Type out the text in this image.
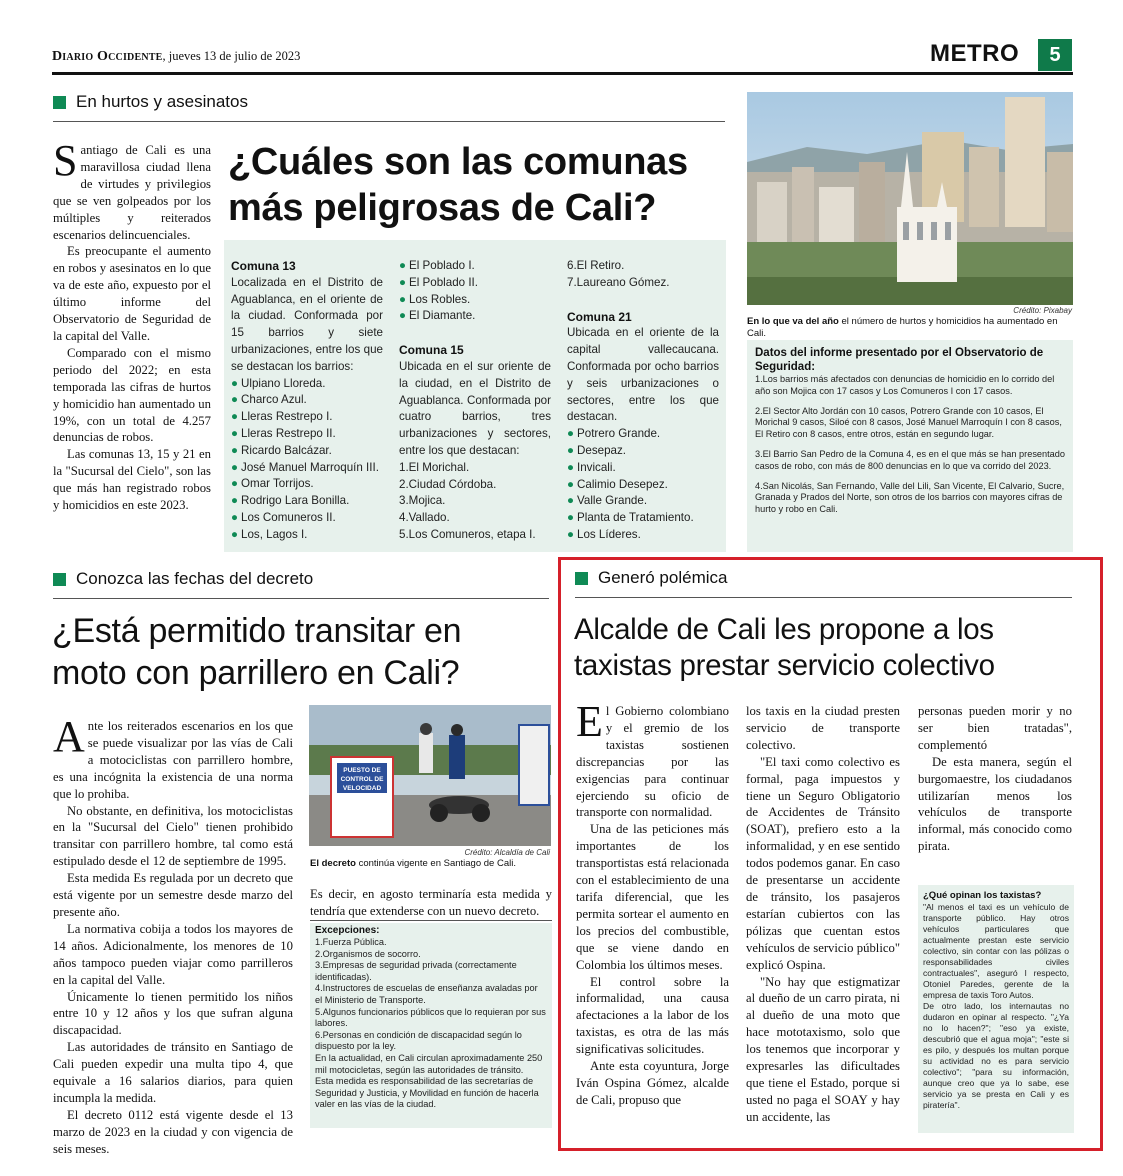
Diario Occidente, jueves 13 de julio de 2023	METRO	5
En hurtos y asesinatos
¿Cuáles son las comunas
más peligrosas de Cali?

Santiago de Cali es una maravillosa ciudad llena de virtudes y privilegios que se ven golpeados por los múltiples y reiterados escenarios delincuenciales.

Es preocupante el aumento en robos y asesinatos en lo que va de este año, expuesto por el último informe del Observatorio de Seguridad de la capital del Valle.

Comparado con el mismo periodo del 2022; en esta temporada las cifras de hurtos y homicidio han aumentado un 19%, con un total de 4.257 denuncias de robos.

Las comunas 13, 15 y 21 en la "Sucursal del Cielo", son las que más han registrado robos y homicidios en este 2023.

Comuna 13
Localizada en el Distrito de Aguablanca, en el oriente de la ciudad. Conformada por 15 barrios y siete urbanizaciones, entre los que se destacan los barrios:
● Ulpiano Lloreda.
● Charco Azul.
● Lleras Restrepo I.
● Lleras Restrepo II.
● Ricardo Balcázar.
● José Manuel Marroquín III.
● Omar Torrijos.
● Rodrigo Lara Bonilla.
● Los Comuneros II.
● Los, Lagos I.
● El Poblado I.
● El Poblado II.
● Los Robles.
● El Diamante.
Comuna 15
Ubicada en el sur oriente de la ciudad, en el Distrito de Aguablanca. Conformada por cuatro barrios, tres urbanizaciones y sectores, entre los que destacan:
1.El Morichal.
2.Ciudad Córdoba.
3.Mojica.
4.Vallado.
5.Los Comuneros, etapa I.
6.El Retiro.
7.Laureano Gómez.
Comuna 21
Ubicada en el oriente de la capital vallecaucana. Conformada por ocho barrios y seis urbanizaciones o sectores, entre los que destacan.
● Potrero Grande.
● Desepaz.
● Invicali.
● Calimio Desepez.
● Valle Grande.
● Planta de Tratamiento.
● Los Líderes.
Crédito: Pixabay
En lo que va del año el número de hurtos y homicidios ha aumentado en Cali.
Datos del informe presentado por el Observatorio de Seguridad:

1.Los barrios más afectados con denuncias de homicidio en lo corrido del año son Mojica con 17 casos y Los Comuneros I con 17 casos.

2.El Sector Alto Jordán con 10 casos, Potrero Grande con 10 casos, El Morichal 9 casos, Siloé con 8 casos, José Manuel Marroquín I con 8 casos, El Retiro con 8 casos, entre otros, están en segundo lugar.

3.El Barrio San Pedro de la Comuna 4, es en el que más se han presentado casos de robo, con más de 800 denuncias en lo que va corrido del 2023.

4.San Nicolás, San Fernando, Valle del Lili, San Vicente, El Calvario, Sucre, Granada y Prados del Norte, son otros de los barrios con mayores cifras de hurto y robo en Cali.

Conozca las fechas del decreto
¿Está permitido transitar en
moto con parrillero en Cali?

Ante los reiterados escenarios en los que se puede visualizar por las vías de Cali a motociclistas con parrillero hombre, es una incógnita la existencia de una norma que lo prohiba.

No obstante, en definitiva, los motociclistas en la "Sucursal del Cielo" tienen prohibido transitar con parrillero hombre, tal como está estipulado desde el 12 de septiembre de 1995.

Esta medida Es regulada por un decreto que está vigente por un semestre desde marzo del presente año.

La normativa cobija a todos los mayores de 14 años. Adicionalmente, los menores de 10 años tampoco pueden viajar como parrilleros en la capital del Valle.

Únicamente lo tienen permitido los niños entre 10 y 12 años y los que sufran alguna discapacidad.

Las autoridades de tránsito en Santiago de Cali pueden expedir una multa tipo 4, que equivale a 16 salarios diarios, para quien incumpla la medida.

El decreto 0112 está vigente desde el 13 marzo de 2023 en la ciudad y con vigencia de seis meses.

PUESTO DE
CONTROL DE
VELOCIDAD
Crédito: Alcaldía de Cali
El decreto continúa vigente en Santiago de Cali.

Es decir, en agosto terminaría esta medida y tendría que extenderse con un nuevo decreto.

Excepciones:
1.Fuerza Pública.
2.Organismos de socorro.
3.Empresas de seguridad privada (correctamente identificadas).
4.Instructores de escuelas de enseñanza avaladas por el Ministerio de Transporte.
5.Algunos funcionarios públicos que lo requieran por sus labores.
6.Personas en condición de discapacidad según lo dispuesto por la ley.
En la actualidad, en Cali circulan aproximadamente 250 mil motocicletas, según las autoridades de tránsito.
Esta medida es responsabilidad de las secretarías de Seguridad y Justicia, y Movilidad en función de hacerla valer en las vías de la ciudad.
Generó polémica
Alcalde de Cali les propone a los
taxistas prestar servicio colectivo

El Gobierno colombiano y el gremio de los taxistas sostienen discrepancias por las exigencias para continuar ejerciendo su oficio de transporte con normalidad.

Una de las peticiones más importantes de los transportistas está relacionada con el establecimiento de una tarifa diferencial, que les permita sortear el aumento en los precios del combustible, que se viene dando en Colombia los últimos meses.

El control sobre la informalidad, una causa afectaciones a la labor de los taxistas, es otra de las más significativas solicitudes.

Ante esta coyuntura, Jorge Iván Ospina Gómez, alcalde de Cali, propuso que

los taxis en la ciudad presten servicio de transporte colectivo.

"El taxi como colectivo es formal, paga impuestos y tiene un Seguro Obligatorio de Accidentes de Tránsito (SOAT), prefiero esto a la informalidad, y en ese sentido todos podemos ganar. En caso de presentarse un accidente de tránsito, los pasajeros estarían cubiertos con las pólizas que cuentan estos vehículos de servicio público" explicó Ospina.

"No hay que estigmatizar al dueño de un carro pirata, ni al dueño de una moto que hace mototaxismo, solo que los tenemos que incorporar y expresarles las dificultades que tiene el Estado, porque si usted no paga el SOAY y hay un accidente, las

personas pueden morir y no ser bien tratadas", complementó

De esta manera, según el burgomaestre, los ciudadanos utilizarían menos los vehículos de transporte informal, más conocido como pirata.

¿Qué opinan los taxistas?
"Al menos el taxi es un vehículo de transporte público. Hay otros vehículos particulares que actualmente prestan este servicio colectivo, sin contar con las pólizas o responsabilidades civiles contractuales", aseguró l respecto, Otoniel Paredes, gerente de la empresa de taxis Toro Autos.
De otro lado, los internautas no dudaron en opinar al respecto. "¿Ya no lo hacen?"; "eso ya existe, descubrió que el agua moja"; "este si es pilo, y después los multan porque su actividad no es para servicio colectivo"; "para su información, aunque creo que ya lo sabe, ese servicio ya se presta en Cali y es piratería".
